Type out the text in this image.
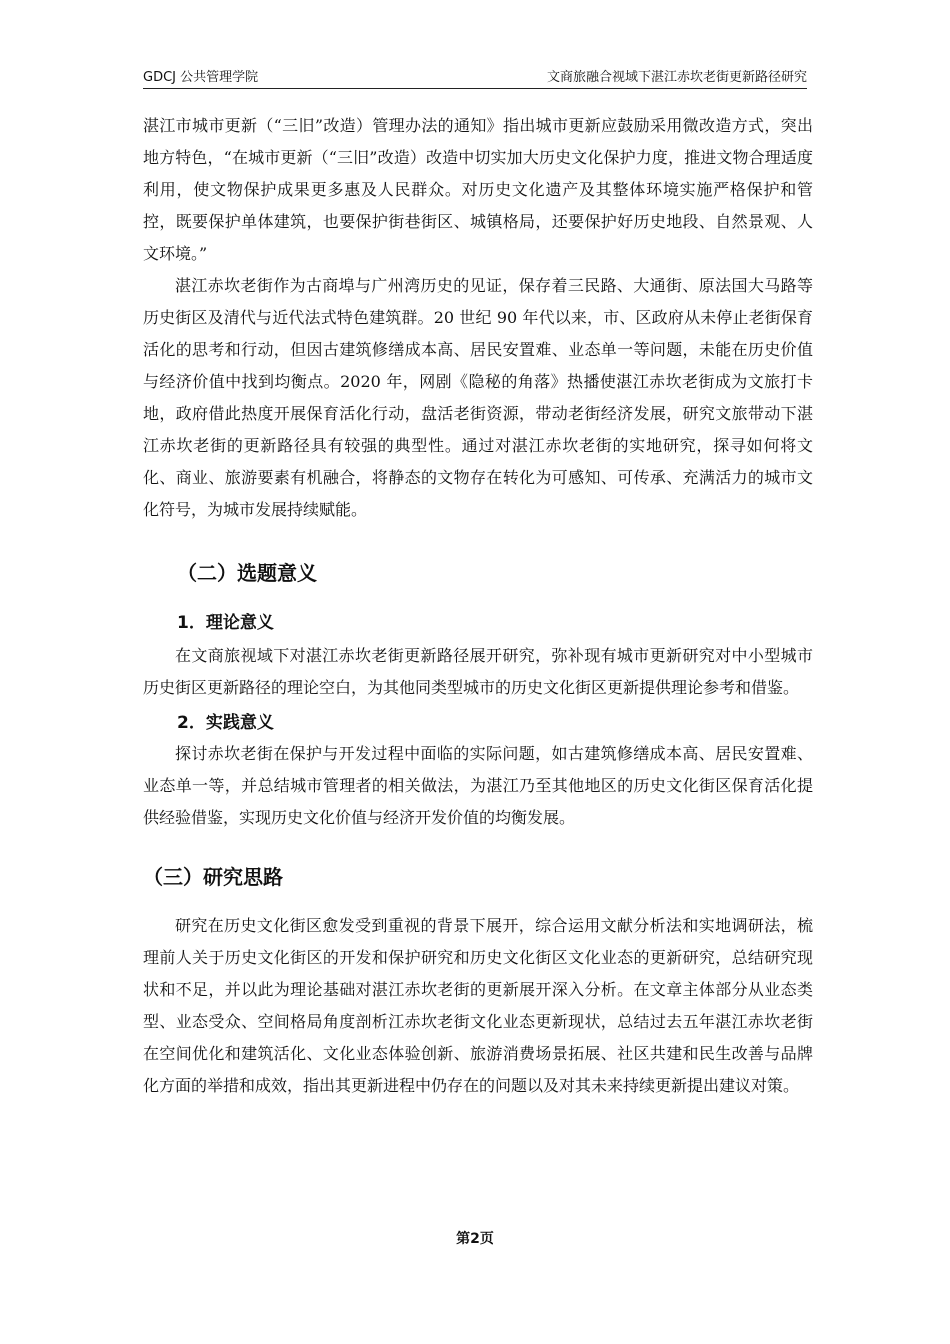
GDCJ 公共管理学院	文商旅融合视域下湛江赤坎老街更新路径研究

湛江市城市更新（“三旧”改造）管理办法的通知》指出城市更新应鼓励采用微改造方式，突出地方特色，“在城市更新（“三旧”改造）改造中切实加大历史文化保护力度，推进文物合理适度利用，使文物保护成果更多惠及人民群众。对历史文化遗产及其整体环境实施严格保护和管控，既要保护单体建筑，也要保护街巷街区、城镇格局，还要保护好历史地段、自然景观、人文环境。”

湛江赤坎老街作为古商埠与广州湾历史的见证，保存着三民路、大通街、原法国大马路等历史街区及清代与近代法式特色建筑群。20 世纪 90 年代以来，市、区政府从未停止老街保育活化的思考和行动，但因古建筑修缮成本高、居民安置难、业态单一等问题，未能在历史价值与经济价值中找到均衡点。2020 年，网剧《隐秘的角落》热播使湛江赤坎老街成为文旅打卡地，政府借此热度开展保育活化行动，盘活老街资源，带动老街经济发展，研究文旅带动下湛江赤坎老街的更新路径具有较强的典型性。通过对湛江赤坎老街的实地研究，探寻如何将文化、商业、旅游要素有机融合，将静态的文物存在转化为可感知、可传承、充满活力的城市文化符号，为城市发展持续赋能。

（二）选题意义
1．理论意义

在文商旅视域下对湛江赤坎老街更新路径展开研究，弥补现有城市更新研究对中小型城市历史街区更新路径的理论空白，为其他同类型城市的历史文化街区更新提供理论参考和借鉴。

2．实践意义

探讨赤坎老街在保护与开发过程中面临的实际问题，如古建筑修缮成本高、居民安置难、业态单一等，并总结城市管理者的相关做法，为湛江乃至其他地区的历史文化街区保育活化提供经验借鉴，实现历史文化价值与经济开发价值的均衡发展。

（三）研究思路

研究在历史文化街区愈发受到重视的背景下展开，综合运用文献分析法和实地调研法，梳理前人关于历史文化街区的开发和保护研究和历史文化街区文化业态的更新研究，总结研究现状和不足，并以此为理论基础对湛江赤坎老街的更新展开深入分析。在文章主体部分从业态类型、业态受众、空间格局角度剖析江赤坎老街文化业态更新现状，总结过去五年湛江赤坎老街在空间优化和建筑活化、文化业态体验创新、旅游消费场景拓展、社区共建和民生改善与品牌化方面的举措和成效，指出其更新进程中仍存在的问题以及对其未来持续更新提出建议对策。

第2页
